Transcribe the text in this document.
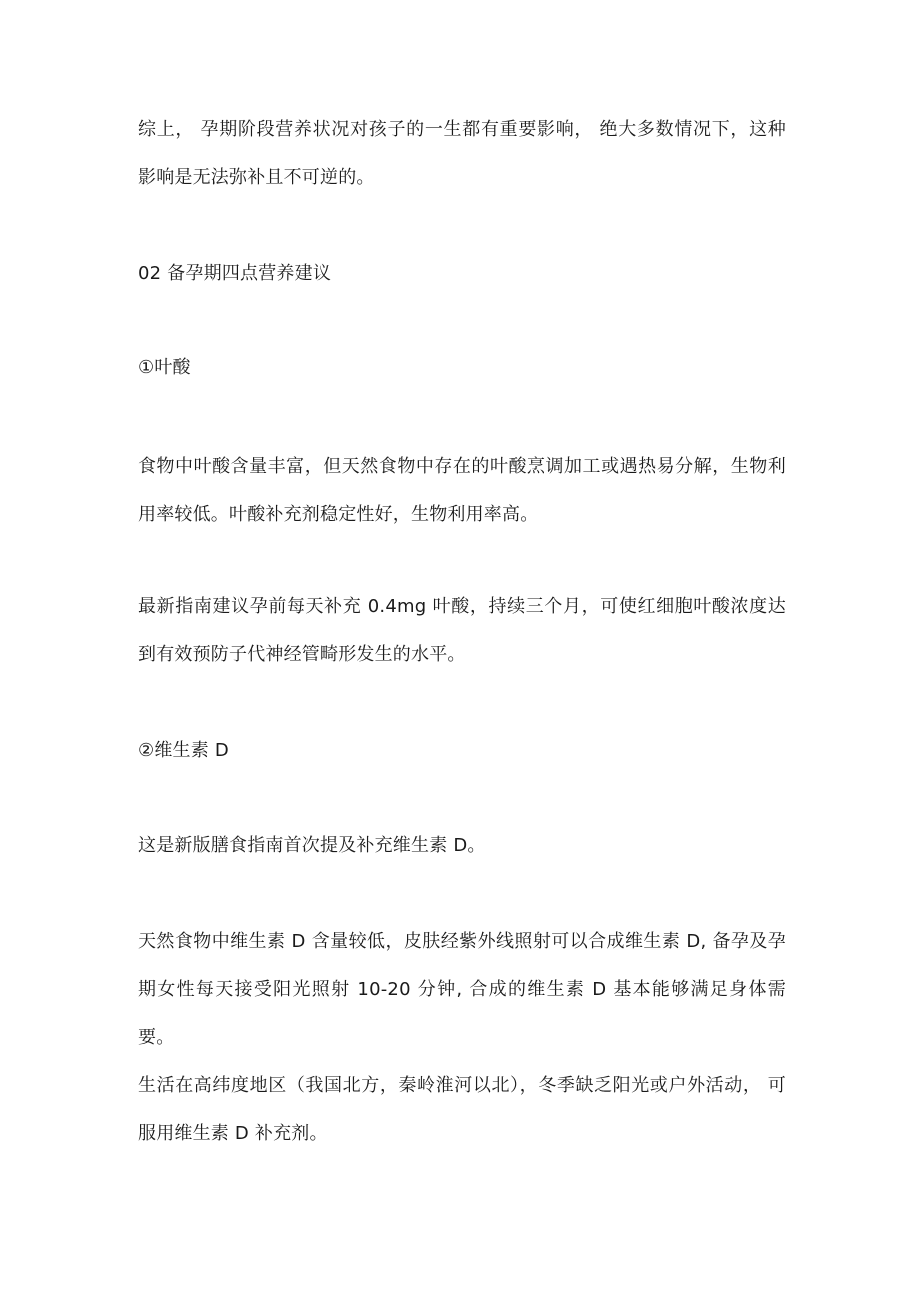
综上， 孕期阶段营养状况对孩子的一生都有重要影响， 绝大多数情况下，这种影响是无法弥补且不可逆的。

02 备孕期四点营养建议

①叶酸

食物中叶酸含量丰富，但天然食物中存在的叶酸烹调加工或遇热易分解，生物利用率较低。叶酸补充剂稳定性好，生物利用率高。

最新指南建议孕前每天补充 0.4mg 叶酸，持续三个月，可使红细胞叶酸浓度达到有效预防子代神经管畸形发生的水平。

②维生素 D

这是新版膳食指南首次提及补充维生素 D。

天然食物中维生素 D 含量较低，皮肤经紫外线照射可以合成维生素 D, 备孕及孕期女性每天接受阳光照射 10-20 分钟, 合成的维生素 D 基本能够满足身体需要。

生活在高纬度地区（我国北方，秦岭淮河以北），冬季缺乏阳光或户外活动， 可服用维生素 D 补充剂。
